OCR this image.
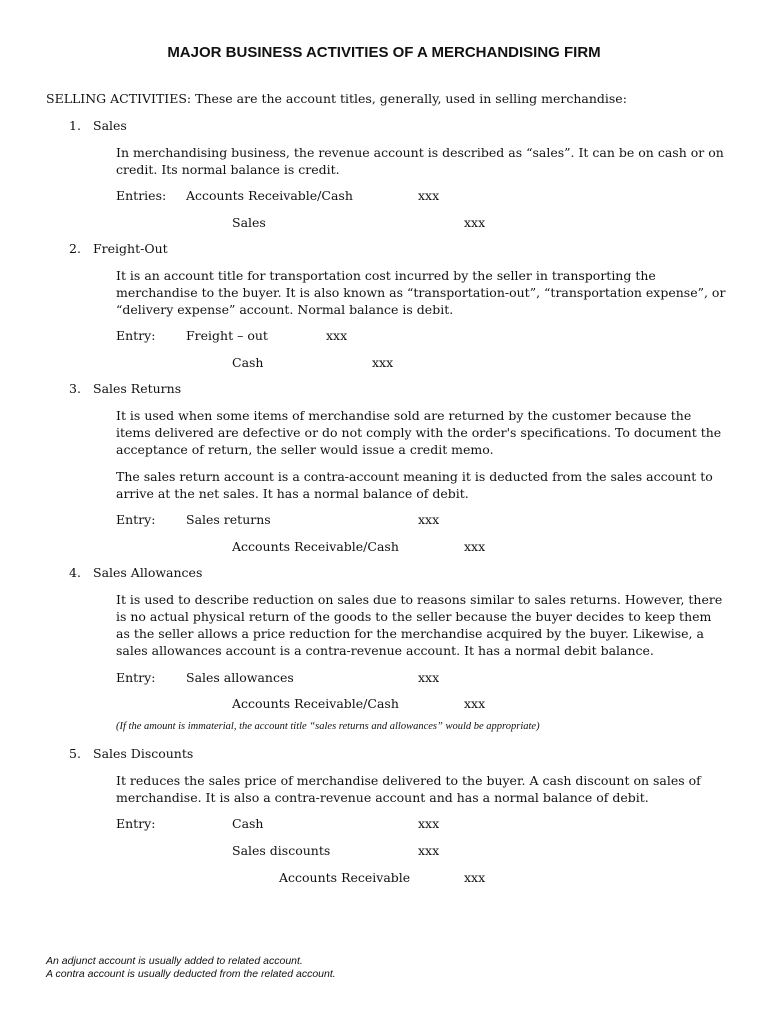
MAJOR BUSINESS ACTIVITIES OF A MERCHANDISING FIRM
SELLING ACTIVITIES: These are the account titles, generally, used in selling merchandise:
1. Sales
In merchandising business, the revenue account is described as “sales”. It can be on cash or on credit. Its normal balance is credit.
Entries: Accounts Receivable/Cash	xxx
Sales	xxx
2. Freight-Out
It is an account title for transportation cost incurred by the seller in transporting the merchandise to the buyer. It is also known as “transportation-out”, “transportation expense”, or “delivery expense” account. Normal balance is debit.
Entry: Freight – out	xxx
Cash	xxx
3. Sales Returns
It is used when some items of merchandise sold are returned by the customer because the items delivered are defective or do not comply with the order's specifications. To document the acceptance of return, the seller would issue a credit memo.
The sales return account is a contra-account meaning it is deducted from the sales account to arrive at the net sales. It has a normal balance of debit.
Entry: Sales returns	xxx
Accounts Receivable/Cash	xxx
4. Sales Allowances
It is used to describe reduction on sales due to reasons similar to sales returns. However, there is no actual physical return of the goods to the seller because the buyer decides to keep them as the seller allows a price reduction for the merchandise acquired by the buyer. Likewise, a sales allowances account is a contra-revenue account. It has a normal debit balance.
Entry: Sales allowances	xxx
Accounts Receivable/Cash	xxx
(If the amount is immaterial, the account title “sales returns and allowances” would be appropriate)
5. Sales Discounts
It reduces the sales price of merchandise delivered to the buyer. A cash discount on sales of merchandise. It is also a contra-revenue account and has a normal balance of debit.
Entry:	Cash	xxx
Sales discounts	xxx
Accounts Receivable	xxx
An adjunct account is usually added to related account.
A contra account is usually deducted from the related account.
